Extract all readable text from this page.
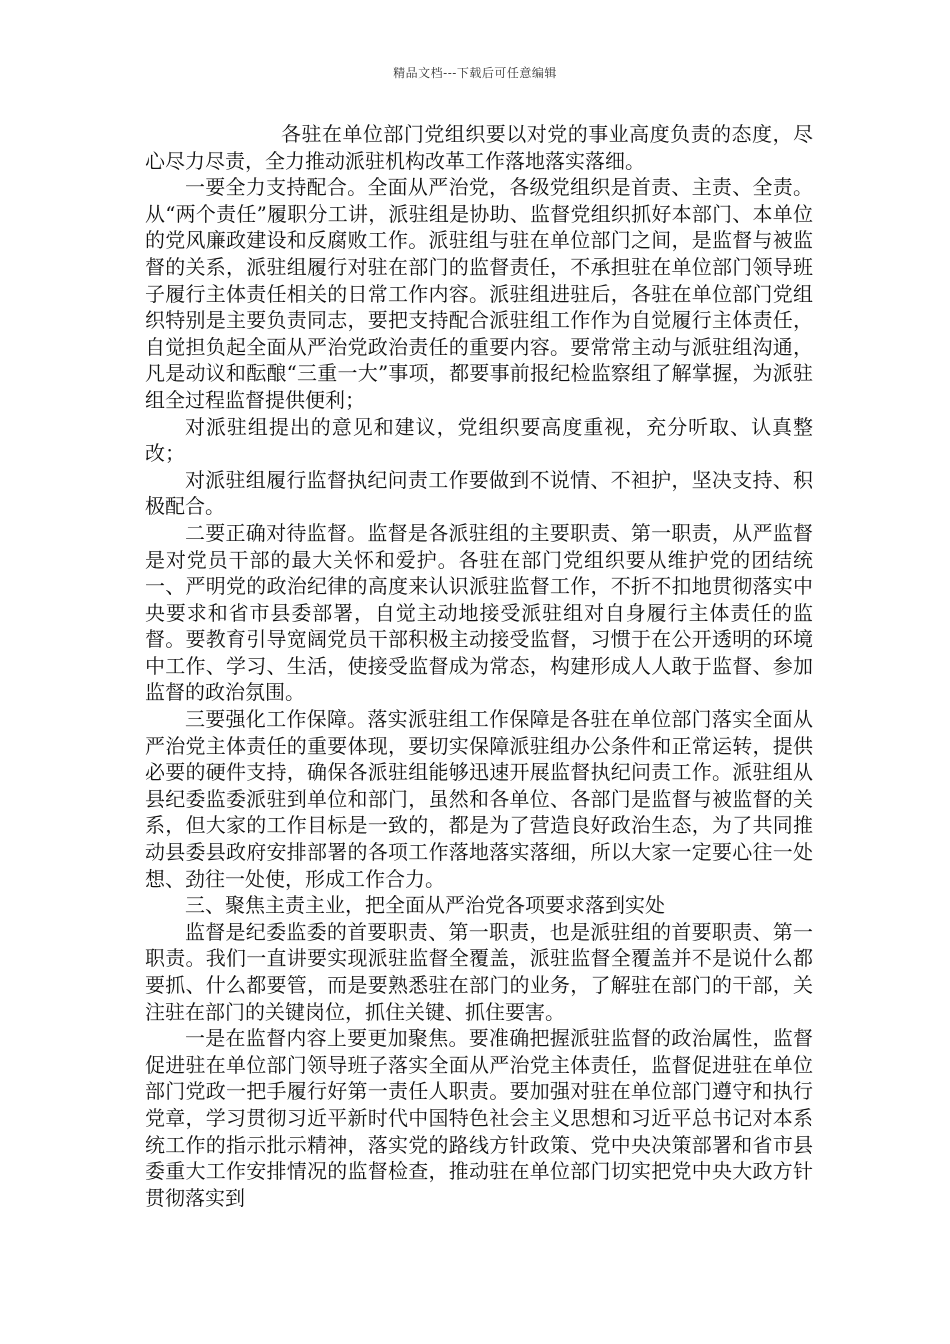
精品文档---下载后可任意编辑

各驻在单位部门党组织要以对党的事业高度负责的态度，尽心尽力尽责，全力推动派驻机构改革工作落地落实落细。

一要全力支持配合。全面从严治党，各级党组织是首责、主责、全责。从“两个责任”履职分工讲，派驻组是协助、监督党组织抓好本部门、本单位的党风廉政建设和反腐败工作。派驻组与驻在单位部门之间，是监督与被监督的关系，派驻组履行对驻在部门的监督责任，不承担驻在单位部门领导班子履行主体责任相关的日常工作内容。派驻组进驻后，各驻在单位部门党组织特别是主要负责同志，要把支持配合派驻组工作作为自觉履行主体责任，自觉担负起全面从严治党政治责任的重要内容。要常常主动与派驻组沟通，凡是动议和酝酿“三重一大”事项，都要事前报纪检监察组了解掌握，为派驻组全过程监督提供便利；

对派驻组提出的意见和建议，党组织要高度重视，充分听取、认真整改；

对派驻组履行监督执纪问责工作要做到不说情、不袒护，坚决支持、积极配合。

二要正确对待监督。监督是各派驻组的主要职责、第一职责，从严监督是对党员干部的最大关怀和爱护。各驻在部门党组织要从维护党的团结统一、严明党的政治纪律的高度来认识派驻监督工作，不折不扣地贯彻落实中央要求和省市县委部署，自觉主动地接受派驻组对自身履行主体责任的监督。要教育引导宽阔党员干部积极主动接受监督，习惯于在公开透明的环境中工作、学习、生活，使接受监督成为常态，构建形成人人敢于监督、参加监督的政治氛围。

三要强化工作保障。落实派驻组工作保障是各驻在单位部门落实全面从严治党主体责任的重要体现，要切实保障派驻组办公条件和正常运转，提供必要的硬件支持，确保各派驻组能够迅速开展监督执纪问责工作。派驻组从县纪委监委派驻到单位和部门，虽然和各单位、各部门是监督与被监督的关系，但大家的工作目标是一致的，都是为了营造良好政治生态，为了共同推动县委县政府安排部署的各项工作落地落实落细，所以大家一定要心往一处想、劲往一处使，形成工作合力。

三、聚焦主责主业，把全面从严治党各项要求落到实处

监督是纪委监委的首要职责、第一职责，也是派驻组的首要职责、第一职责。我们一直讲要实现派驻监督全覆盖，派驻监督全覆盖并不是说什么都要抓、什么都要管，而是要熟悉驻在部门的业务，了解驻在部门的干部，关注驻在部门的关键岗位，抓住关键、抓住要害。

一是在监督内容上要更加聚焦。要准确把握派驻监督的政治属性，监督促进驻在单位部门领导班子落实全面从严治党主体责任，监督促进驻在单位部门党政一把手履行好第一责任人职责。要加强对驻在单位部门遵守和执行党章，学习贯彻习近平新时代中国特色社会主义思想和习近平总书记对本系统工作的指示批示精神，落实党的路线方针政策、党中央决策部署和省市县委重大工作安排情况的监督检查，推动驻在单位部门切实把党中央大政方针贯彻落实到
